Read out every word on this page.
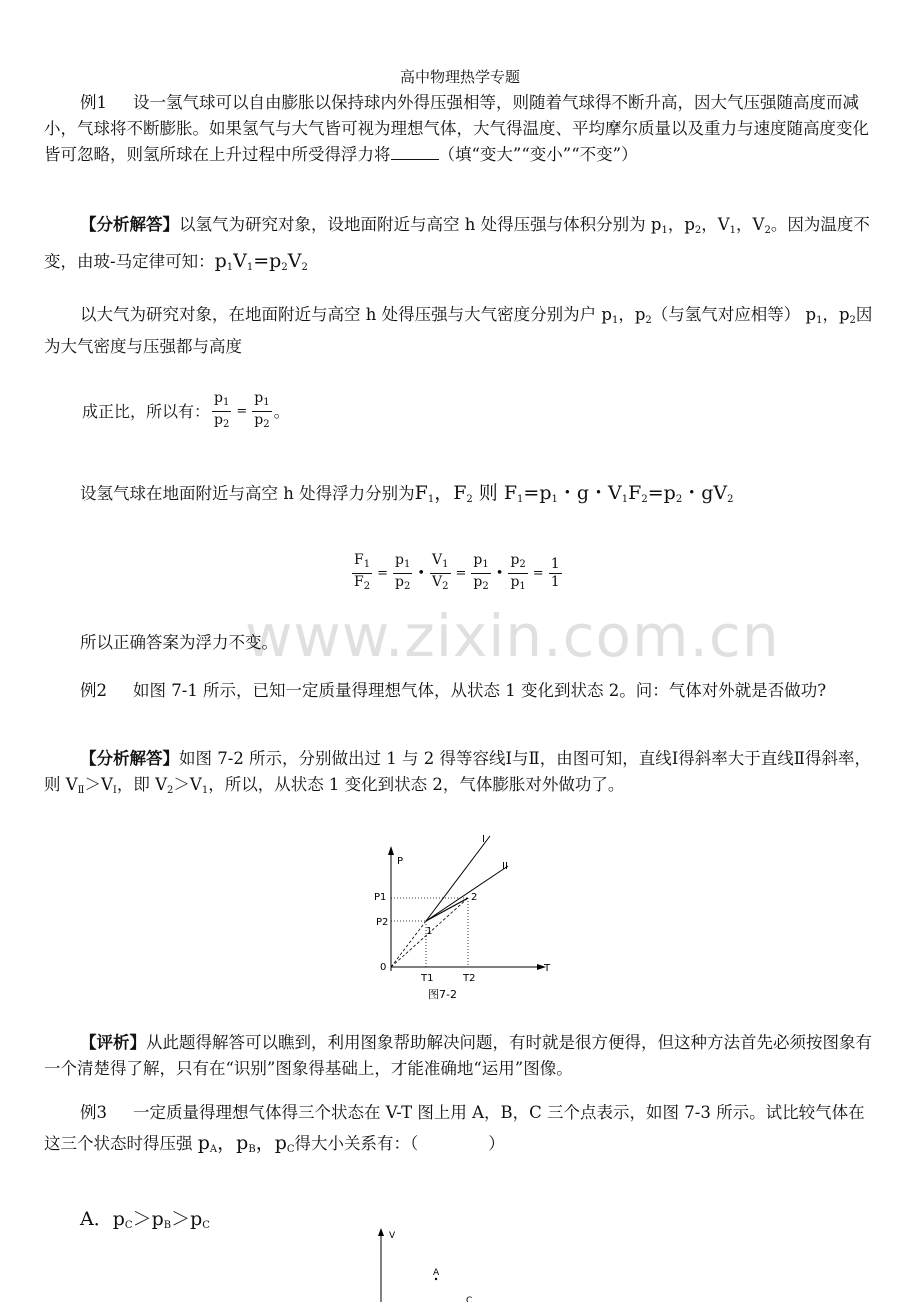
高中物理热学专题
例1 设一氢气球可以自由膨胀以保持球内外得压强相等，则随着气球得不断升高，因大气压强随高度而减小，气球将不断膨胀。如果氢气与大气皆可视为理想气体，大气得温度、平均摩尔质量以及重力与速度随高度变化皆可忽略，则氢所球在上升过程中所受得浮力将	（填“变大”“变小”“不变”）
【分析解答】以氢气为研究对象，设地面附近与高空 h 处得压强与体积分别为 $p_1$，$p_2$，$V_1$，$V_2$。因为温度不变，由玻-马定律可知：$p_1V_1=p_2V_2$
以大气为研究对象，在地面附近与高空 h 处得压强与大气密度分别为户 $p_1$，$p_2$（与氢气对应相等） $p_1$，$p_2$因为大气密度与压强都与高度
成正比，所以有： $\frac{p_1}{p_2} = \frac{p_1}{p_2}$ 。
设氢气球在地面附近与高空 h 处得浮力分别为$F_1$，$F_2$ 则 $F_1=p_1$・g・$V_1F_2=p_2$・$gV_2$
$\frac{F_1}{F_2} = \frac{p_1}{p_2}$ • $\frac{V_1}{V_2} = \frac{p_1}{p_2}$ • $\frac{p_2}{p_1} = \frac{1}{1}$
www.zixin.com.cn
所以正确答案为浮力不变。
例2 如图 7-1 所示，已知一定质量得理想气体，从状态 1 变化到状态 2。问：气体对外就是否做功?
【分析解答】如图 7-2 所示，分别做出过 1 与 2 得等容线Ⅰ与Ⅱ，由图可知，直线Ⅰ得斜率大于直线Ⅱ得斜率，则 $V_Ⅱ>V_Ⅰ$，即 $V_2>V_1$，所以，从状态 1 变化到状态 2，气体膨胀对外做功了。
P
T
0
P1
P2
T1	T2
I
II
1
2
图7-2
【评析】从此题得解答可以瞧到，利用图象帮助解决问题，有时就是很方便得，但这种方法首先必须按图象有一个清楚得了解，只有在“识别”图象得基础上，才能准确地“运用”图像。
例3 一定质量得理想气体得三个状态在 V-T 图上用 A，B，C 三个点表示，如图 7-3 所示。试比较气体在这三个状态时得压强 $p_A$，$p_B$，$p_C$得大小关系有：（	）
A．$p_C>p_B>p_C$
V
A
C
